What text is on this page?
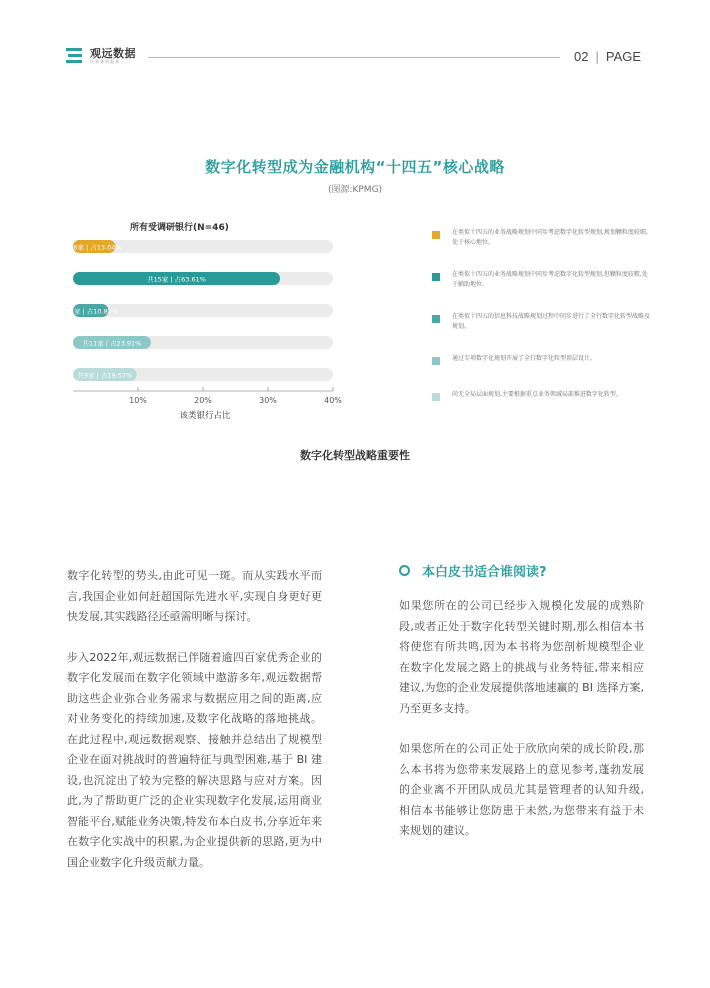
观远数据
让业务用起来	02 | PAGE
数字化转型成为金融机构“十四五”核心战略
(图源:KPMG)
所有受调研银行(N=46)
共6家 | 占13.04%
共15家 | 占63.61%
共5家 | 占10.87%
共11家 | 占23.91%
共9家 | 占19.57%
10%	20%	30%	40%
该类银行占比
在类似十四五的业务战略规划中同步考虑数字化转型规划,规划颗粒度较细,处于核心地位。
在类似十四五的业务战略规划中同步考虑数字化转型规划,但颗粒度较粗,处于辅助地位。
在类似十四五的信息科技战略规划过程中同步进行了全行数字化转型战略及规划。
通过专项数字化规划开展了全行数字化转型顶层设计。
尚无全局层面规划,主要根据重点业务领域局部推进数字化转型。
数字化转型战略重要性

数字化转型的势头,由此可见一斑。而从实践水平而言,我国企业如何赶超国际先进水平,实现自身更好更快发展,其实践路径还亟需明晰与探讨。

步入2022年,观远数据已伴随着逾四百家优秀企业的数字化发展而在数字化领域中遨游多年,观远数据帮助这些企业弥合业务需求与数据应用之间的距离,应对业务变化的持续加速,及数字化战略的落地挑战。在此过程中,观远数据观察、接触并总结出了规模型企业在面对挑战时的普遍特征与典型困难,基于 BI 建设,也沉淀出了较为完整的解决思路与应对方案。因此,为了帮助更广泛的企业实现数字化发展,运用商业智能平台,赋能业务决策,特发布本白皮书,分享近年来在数字化实战中的积累,为企业提供新的思路,更为中国企业数字化升级贡献力量。

本白皮书适合谁阅读?

如果您所在的公司已经步入规模化发展的成熟阶段,或者正处于数字化转型关键时期,那么相信本书将使您有所共鸣,因为本书将为您剖析规模型企业在数字化发展之路上的挑战与业务特征,带来相应建议,为您的企业发展提供落地速赢的 BI 选择方案,乃至更多支持。

如果您所在的公司正处于欣欣向荣的成长阶段,那么本书将为您带来发展路上的意见参考,蓬勃发展的企业离不开团队成员尤其是管理者的认知升级,相信本书能够让您防患于未然,为您带来有益于未来规划的建议。
